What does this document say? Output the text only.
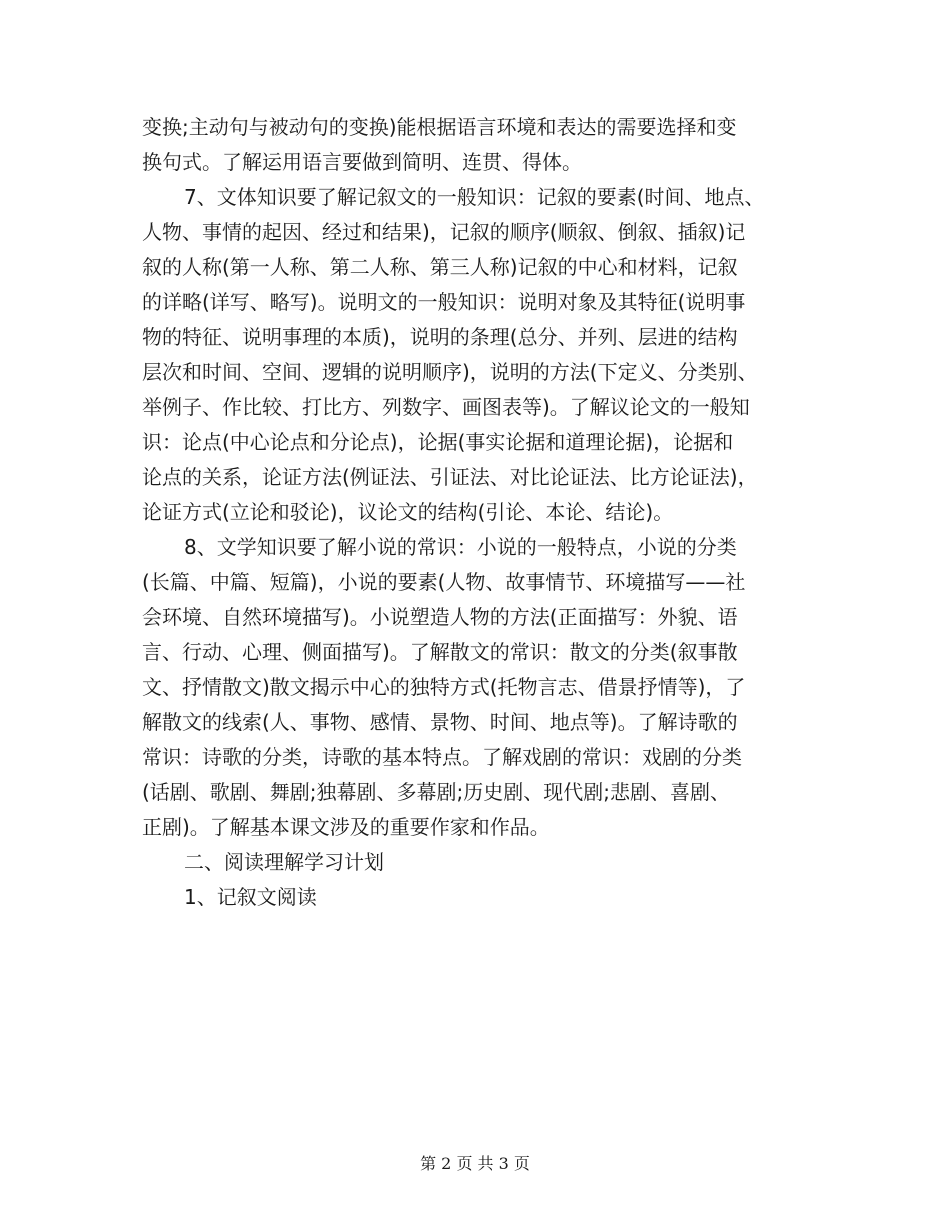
变换;主动句与被动句的变换)能根据语言环境和表达的需要选择和变
换句式。了解运用语言要做到简明、连贯、得体。
7、文体知识要了解记叙文的一般知识：记叙的要素(时间、地点、
人物、事情的起因、经过和结果)，记叙的顺序(顺叙、倒叙、插叙)记
叙的人称(第一人称、第二人称、第三人称)记叙的中心和材料，记叙
的详略(详写、略写)。说明文的一般知识：说明对象及其特征(说明事
物的特征、说明事理的本质)，说明的条理(总分、并列、层进的结构
层次和时间、空间、逻辑的说明顺序)，说明的方法(下定义、分类别、
举例子、作比较、打比方、列数字、画图表等)。了解议论文的一般知
识：论点(中心论点和分论点)，论据(事实论据和道理论据)，论据和
论点的关系，论证方法(例证法、引证法、对比论证法、比方论证法)，
论证方式(立论和驳论)，议论文的结构(引论、本论、结论)。
8、文学知识要了解小说的常识：小说的一般特点，小说的分类
(长篇、中篇、短篇)，小说的要素(人物、故事情节、环境描写——社
会环境、自然环境描写)。小说塑造人物的方法(正面描写：外貌、语
言、行动、心理、侧面描写)。了解散文的常识：散文的分类(叙事散
文、抒情散文)散文揭示中心的独特方式(托物言志、借景抒情等)，了
解散文的线索(人、事物、感情、景物、时间、地点等)。了解诗歌的
常识：诗歌的分类，诗歌的基本特点。了解戏剧的常识：戏剧的分类
(话剧、歌剧、舞剧;独幕剧、多幕剧;历史剧、现代剧;悲剧、喜剧、
正剧)。了解基本课文涉及的重要作家和作品。
二、阅读理解学习计划
1、记叙文阅读
第 2 页 共 3 页
